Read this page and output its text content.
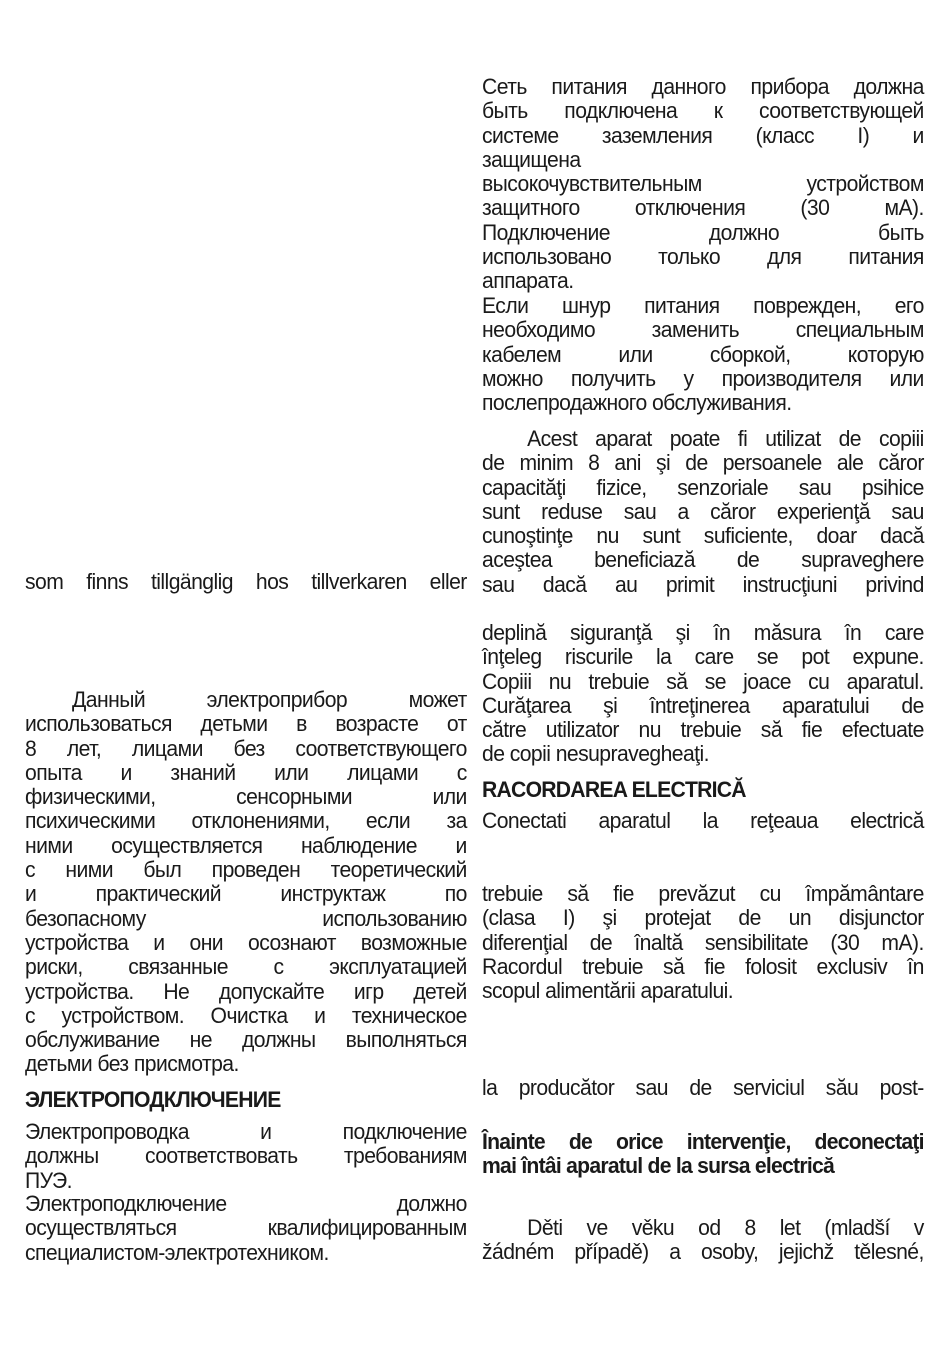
Сеть питания данного прибора должна
быть подключена к соответствующей
системе заземления (класс I) и
защищена
высокочувствительным устройством
защитного отключения (30 мА).
Подключение должно быть
использовано только для питания
аппарата.
Если шнур питания поврежден, его
необходимо заменить специальным
кабелем или сборкой, которую
можно получить у производителя или
послепродажного обслуживания.
Acest aparat poate fi utilizat de copiii
de minim 8 ani şi de persoanele ale căror
capacităţi fizice, senzoriale sau psihice
sunt reduse sau a căror experienţă sau
cunoştinţe nu sunt suficiente, doar dacă
aceştea beneficiază de supraveghere
sau dacă au primit instrucţiuni privind
deplină siguranţă şi în măsura în care
înţeleg riscurile la care se pot expune.
Copiii nu trebuie să se joace cu aparatul.
Curăţarea şi întreţinerea aparatului de
către utilizator nu trebuie să fie efectuate
de copii nesupravegheaţi.
RACORDAREA ELECTRICĂ
Conectati aparatul la reţeaua electrică
trebuie să fie prevăzut cu împământare
(clasa I) şi protejat de un disjunctor
diferenţial de înaltă sensibilitate (30 mA).
Racordul trebuie să fie folosit exclusiv în
scopul alimentării aparatului.
la producător sau de serviciul său post-
Înainte de orice intervenţie, deconectaţi
mai întâi aparatul de la sursa electrică
Děti ve věku od 8 let (mladší v
žádném případě) a osoby, jejichž tělesné,
som finns tillgänglig hos tillverkaren eller
Данный электроприбор может
использоваться детьми в возрасте от
8 лет, лицами без соответствующего
опыта и знаний или лицами с
физическими, сенсорными или
психическими отклонениями, если за
ними осуществляется наблюдение и
с ними был проведен теоретический
и практический инструктаж по
безопасному использованию
устройства и они осознают возможные
риски, связанные с эксплуатацией
устройства. Не допускайте игр детей
с устройством. Очистка и техническое
обслуживание не должны выполняться
детьми без присмотра.
ЭЛЕКТРОПОДКЛЮЧЕНИЕ
Электропроводка и подключение
должны соответствовать требованиям
ПУЭ.
Электроподключение должно
осуществляться квалифицированным
специалистом-электротехником.
